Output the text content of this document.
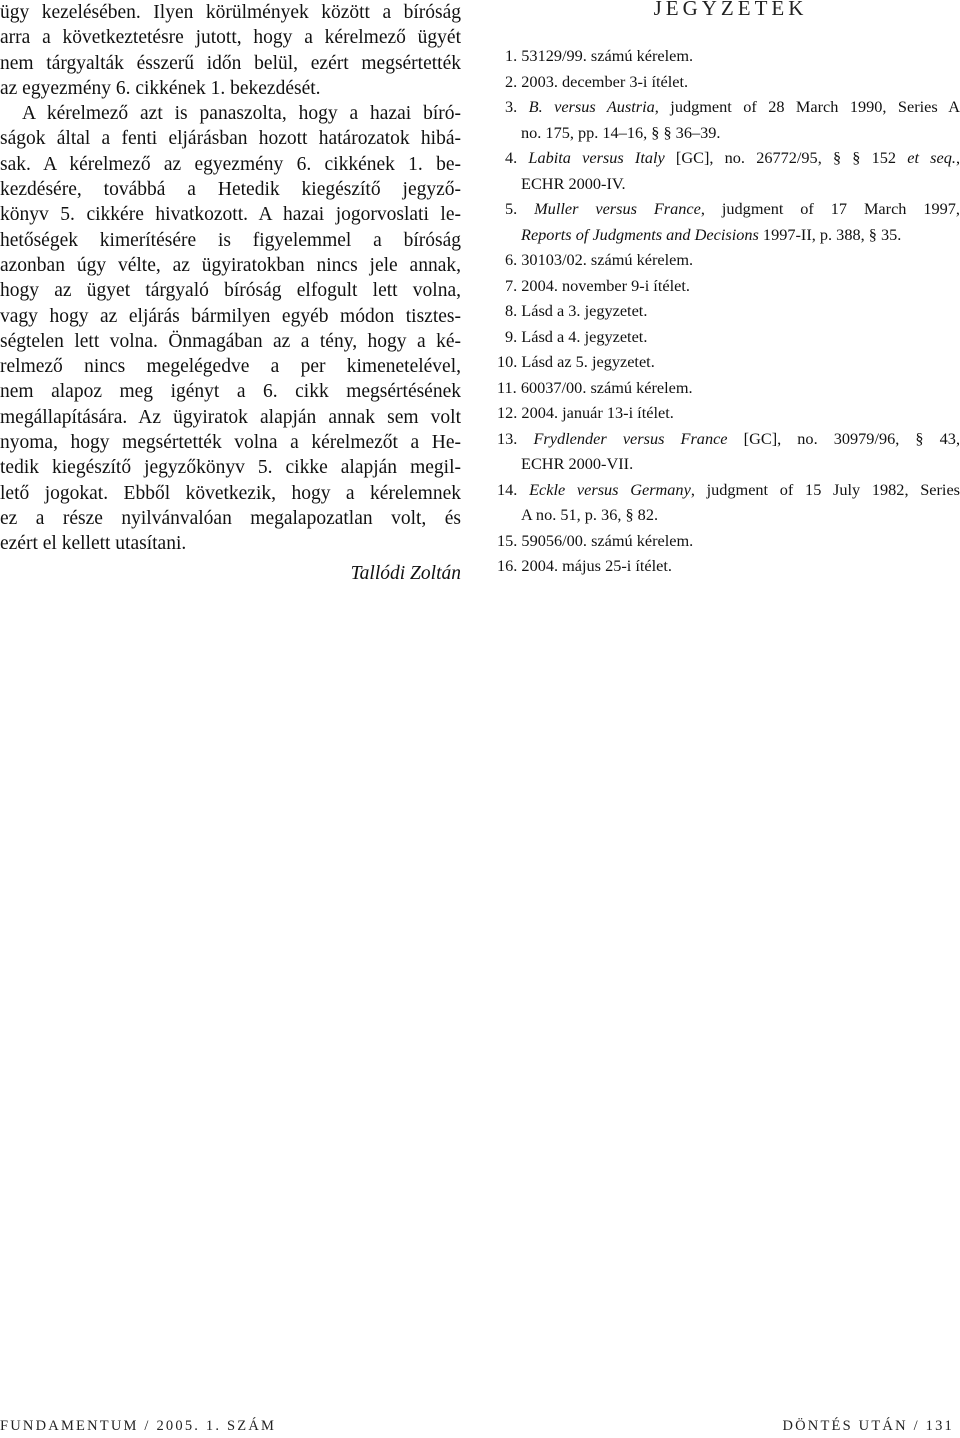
ügy kezelésében. Ilyen körülmények között a bíróság
arra a következtetésre jutott, hogy a kérelmező ügyét
nem tárgyalták ésszerű időn belül, ezért megsértették
az egyezmény 6. cikkének 1. bekezdését.

A kérelmező azt is panaszolta, hogy a hazai bíró-
ságok által a fenti eljárásban hozott határozatok hibá-
sak. A kérelmező az egyezmény 6. cikkének 1. be-
kezdésére, továbbá a Hetedik kiegészítő jegyző-
könyv 5. cikkére hivatkozott. A hazai jogorvoslati le-
hetőségek kimerítésére is figyelemmel a bíróság
azonban úgy vélte, az ügyiratokban nincs jele annak,
hogy az ügyet tárgyaló bíróság elfogult lett volna,
vagy hogy az eljárás bármilyen egyéb módon tisztes-
ségtelen lett volna. Önmagában az a tény, hogy a ké-
relmező nincs megelégedve a per kimenetelével,
nem alapoz meg igényt a 6. cikk megsértésének
megállapítására. Az ügyiratok alapján annak sem volt
nyoma, hogy megsértették volna a kérelmezőt a He-
tedik kiegészítő jegyzőkönyv 5. cikke alapján megil-
lető jogokat. Ebből következik, hogy a kérelemnek
ez a része nyilvánvalóan megalapozatlan volt, és
ezért el kellett utasítani.

Tallódi Zoltán

JEGYZETEK
1. 53129/99. számú kérelem.
2. 2003. december 3-i ítélet.
3. B. versus Austria, judgment of 28 March 1990, Series A
no. 175, pp. 14–16, § § 36–39.
4. Labita versus Italy [GC], no. 26772/95, § § 152 et seq.,
ECHR 2000-IV.
5. Muller versus France, judgment of 17 March 1997,
Reports of Judgments and Decisions 1997-II, p. 388, § 35.
6. 30103/02. számú kérelem.
7. 2004. november 9-i ítélet.
8. Lásd a 3. jegyzetet.
9. Lásd a 4. jegyzetet.
10. Lásd az 5. jegyzetet.
11. 60037/00. számú kérelem.
12. 2004. január 13-i ítélet.
13. Frydlender versus France [GC], no. 30979/96, § 43,
ECHR 2000-VII.
14. Eckle versus Germany, judgment of 15 July 1982, Series
A no. 51, p. 36, § 82.
15. 59056/00. számú kérelem.
16. 2004. május 25-i ítélet.
FUNDAMENTUM / 2005. 1. SZÁM	DÖNTÉS UTÁN / 131
